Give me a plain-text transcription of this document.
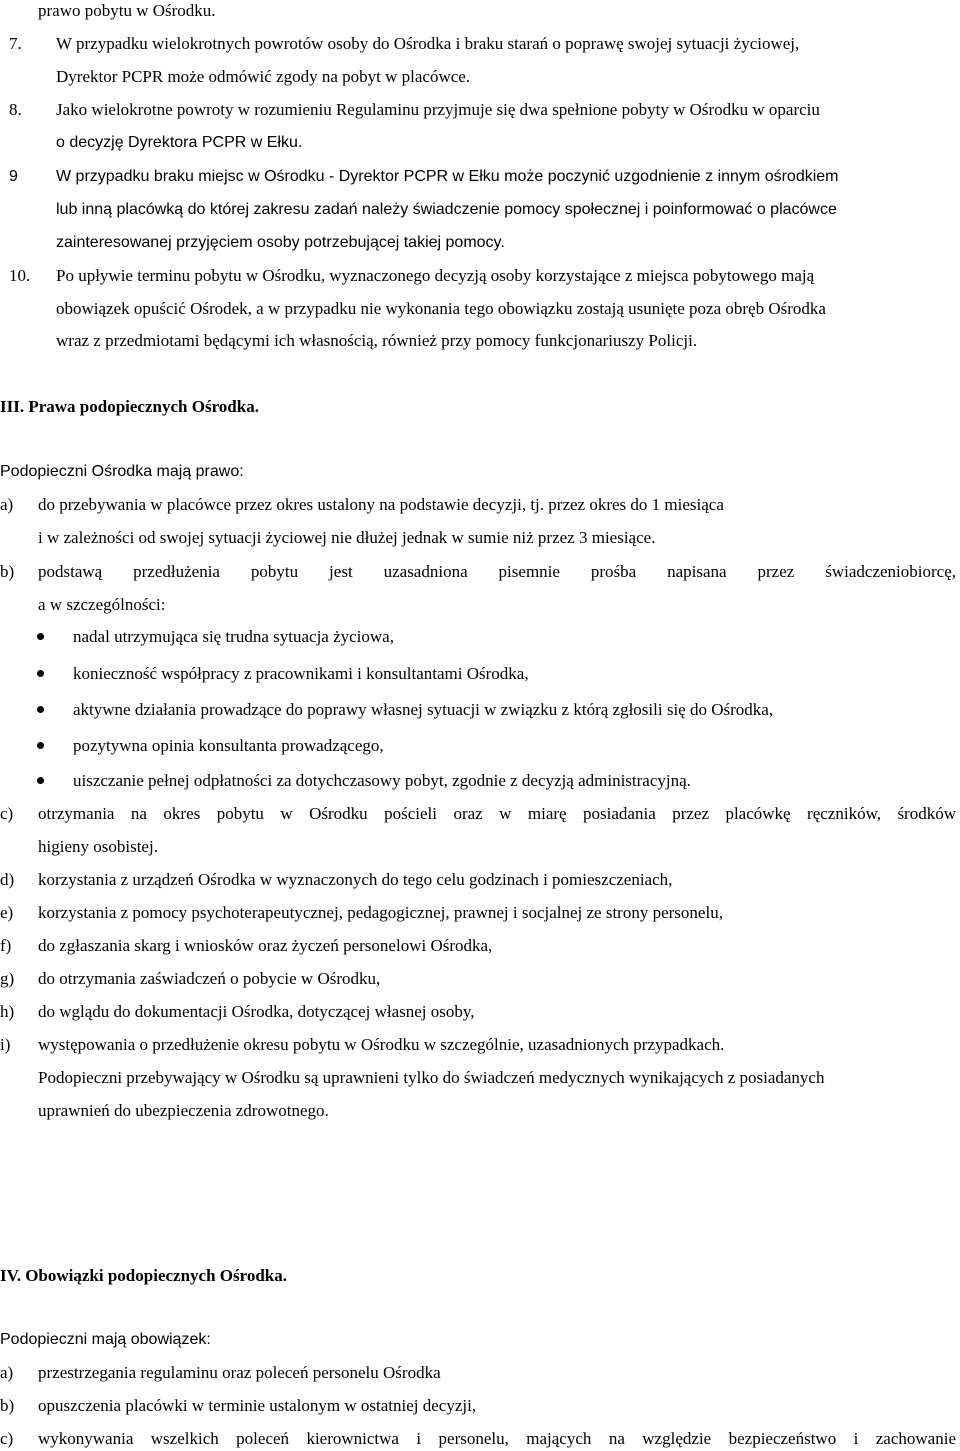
prawo pobytu w Ośrodku.
7. W przypadku wielokrotnych powrotów osoby do Ośrodka i braku starań o poprawę swojej sytuacji życiowej,
Dyrektor PCPR może odmówić zgody na pobyt w placówce.
8. Jako wielokrotne powroty w rozumieniu Regulaminu przyjmuje się dwa spełnione pobyty w Ośrodku w oparciu
o decyzję Dyrektora PCPR w Ełku.
9 W przypadku braku miejsc w Ośrodku - Dyrektor PCPR w Ełku może poczynić uzgodnienie z innym ośrodkiem
lub inną placówką do której zakresu zadań należy świadczenie pomocy społecznej i poinformować o placówce
zainteresowanej przyjęciem osoby potrzebującej takiej pomocy.
10. Po upływie terminu pobytu w Ośrodku, wyznaczonego decyzją osoby korzystające z miejsca pobytowego mają
obowiązek opuścić Ośrodek, a w przypadku nie wykonania tego obowiązku zostają usunięte poza obręb Ośrodka
wraz z przedmiotami będącymi ich własnością, również przy pomocy funkcjonariuszy Policji.
III. Prawa podopiecznych Ośrodka.
Podopieczni Ośrodka mają prawo:
a) do przebywania w placówce przez okres ustalony na podstawie decyzji, tj. przez okres do 1 miesiąca
i w zależności od swojej sytuacji życiowej nie dłużej jednak w sumie niż przez 3 miesiące.
b) podstawą przedłużenia pobytu jest uzasadniona pisemnie prośba napisana przez świadczeniobiorcę,
a w szczególności:
nadal utrzymująca się trudna sytuacja życiowa,
konieczność współpracy z pracownikami i konsultantami Ośrodka,
aktywne działania prowadzące do poprawy własnej sytuacji w związku z którą zgłosili się do Ośrodka,
pozytywna opinia konsultanta prowadzącego,
uiszczanie pełnej odpłatności za dotychczasowy pobyt, zgodnie z decyzją administracyjną.
c) otrzymania na okres pobytu w Ośrodku pościeli oraz w miarę posiadania przez placówkę ręczników, środków
higieny osobistej.
d) korzystania z urządzeń Ośrodka w wyznaczonych do tego celu godzinach i pomieszczeniach,
e) korzystania z pomocy psychoterapeutycznej, pedagogicznej, prawnej i socjalnej ze strony personelu,
f) do zgłaszania skarg i wniosków oraz życzeń personelowi Ośrodka,
g) do otrzymania zaświadczeń o pobycie w Ośrodku,
h) do wglądu do dokumentacji Ośrodka, dotyczącej własnej osoby,
i) występowania o przedłużenie okresu pobytu w Ośrodku w szczególnie, uzasadnionych przypadkach.
Podopieczni przebywający w Ośrodku są uprawnieni tylko do świadczeń medycznych wynikających z posiadanych
uprawnień do ubezpieczenia zdrowotnego.
IV. Obowiązki podopiecznych Ośrodka.
Podopieczni mają obowiązek:
a) przestrzegania regulaminu oraz poleceń personelu Ośrodka
b) opuszczenia placówki w terminie ustalonym w ostatniej decyzji,
c) wykonywania wszelkich poleceń kierownictwa i personelu, mających na względzie bezpieczeństwo i zachowanie
